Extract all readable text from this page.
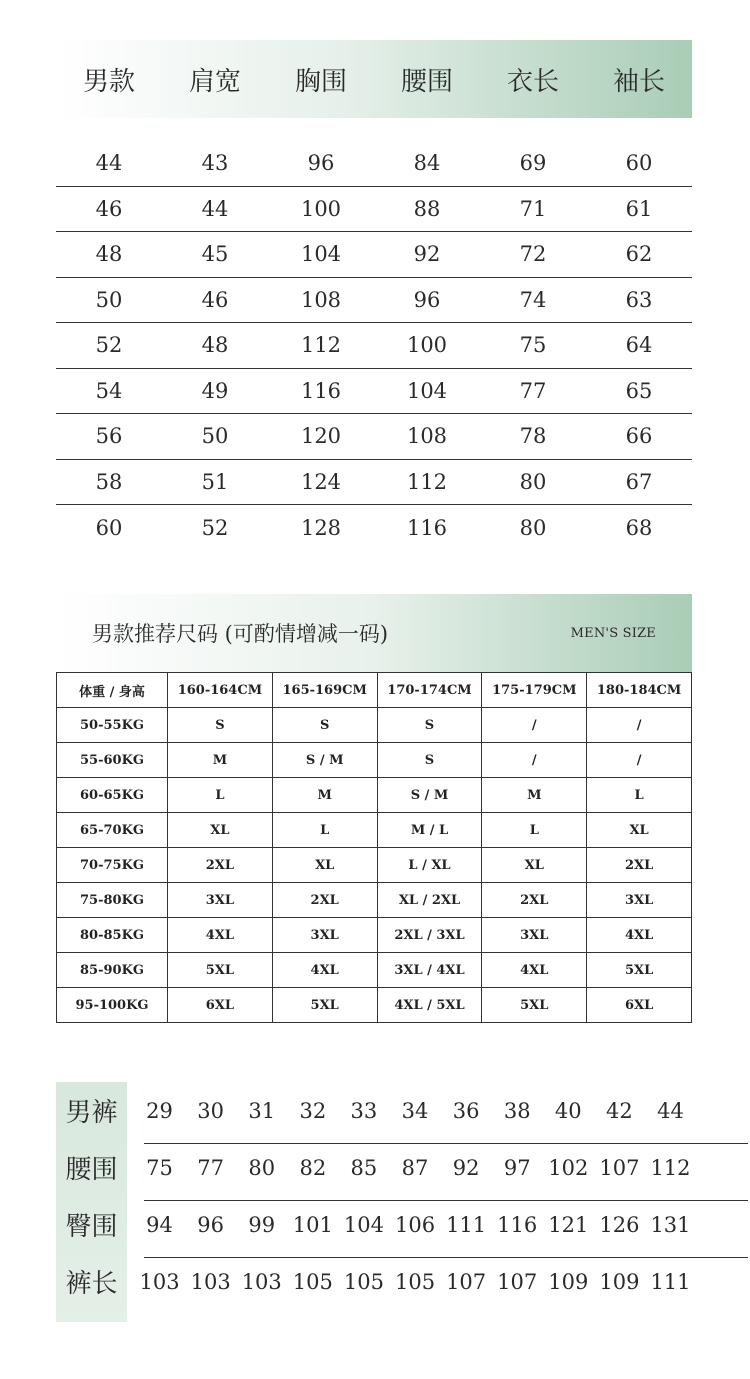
男款	肩宽	胸围	腰围	衣长	袖长
44	43	96	84	69	60
46	44	100	88	71	61
48	45	104	92	72	62
50	46	108	96	74	63
52	48	112	100	75	64
54	49	116	104	77	65
56	50	120	108	78	66
58	51	124	112	80	67
60	52	128	116	80	68
男款推荐尺码 (可酌情增减一码)	MEN'S SIZE
体重 / 身高	160-164CM	165-169CM	170-174CM	175-179CM	180-184CM
50-55KG	S	S	S	/	/
55-60KG	M	S / M	S	/	/
60-65KG	L	M	S / M	M	L
65-70KG	XL	L	M / L	L	XL
70-75KG	2XL	XL	L / XL	XL	2XL
75-80KG	3XL	2XL	XL / 2XL	2XL	3XL
80-85KG	4XL	3XL	2XL / 3XL	3XL	4XL
85-90KG	5XL	4XL	3XL / 4XL	4XL	5XL
95-100KG	6XL	5XL	4XL / 5XL	5XL	6XL
男裤	29	30	31	32	33	34	36	38	40	42	44
腰围	75	77	80	82	85	87	92	97 102 107 112
臀围	94	96	99 101 104 106 111 116 121 126 131
裤长	103 103 103 105 105 105 107 107 109 109 111
